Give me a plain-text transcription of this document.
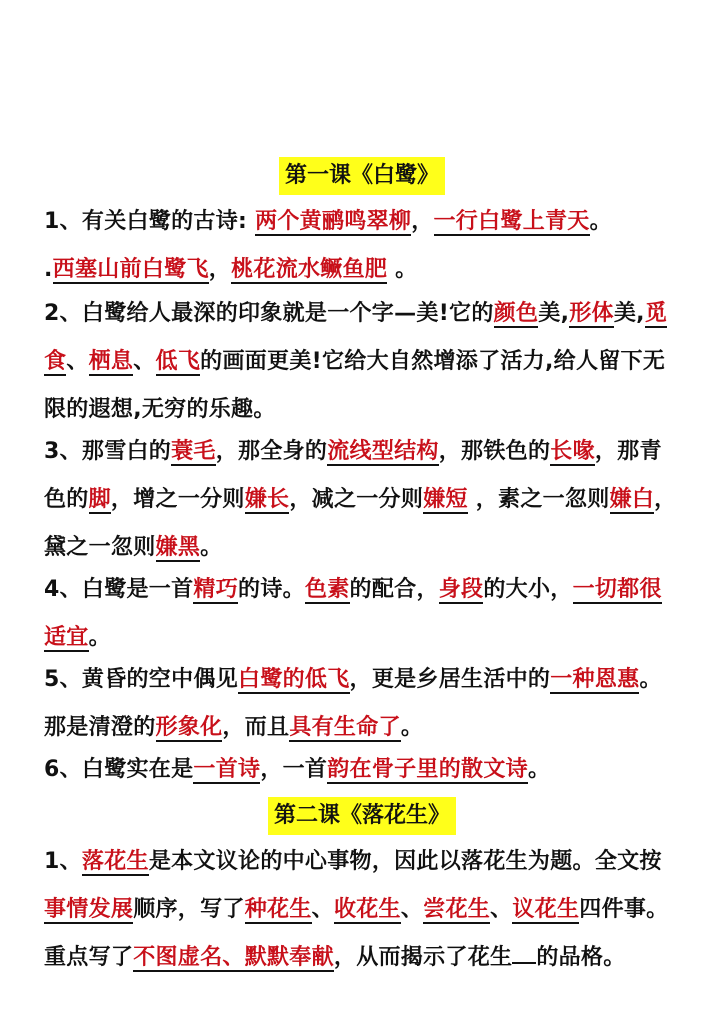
第一课《白鹭》
1、有关白鹭的古诗: 两个黄鹂鸣翠柳，一行白鹭上青天。
.西塞山前白鹭飞，桃花流水鳜鱼肥 。
2、白鹭给人最深的印象就是一个字—美!它的颜色美,形体美,觅食、栖息、低飞的画面更美!它给大自然增添了活力,给人留下无限的遐想,无穷的乐趣。
3、那雪白的蓑毛，那全身的流线型结构，那铁色的长喙，那青色的脚，增之一分则嫌长，减之一分则嫌短 ，素之一忽则嫌白，黛之一忽则嫌黑。
4、白鹭是一首精巧的诗。色素的配合，身段的大小，一切都很适宜。
5、黄昏的空中偶见白鹭的低飞，更是乡居生活中的一种恩惠。那是清澄的形象化，而且具有生命了。
6、白鹭实在是一首诗，一首韵在骨子里的散文诗。
第二课《落花生》
1、落花生是本文议论的中心事物，因此以落花生为题。全文按事情发展顺序，写了种花生、收花生、尝花生、议花生四件事。重点写了不图虚名、默默奉献，从而揭示了花生 的品格。
